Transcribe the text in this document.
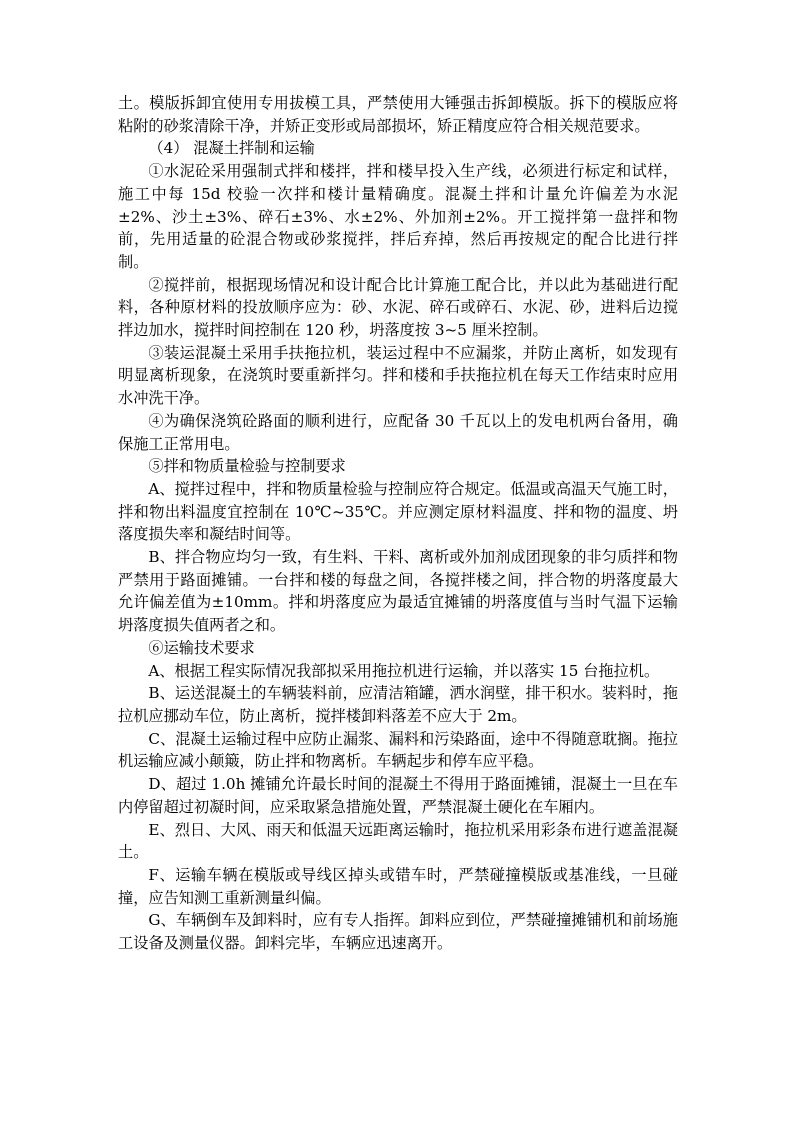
土。模版拆卸宜使用专用拔模工具，严禁使用大锤强击拆卸模版。拆下的模版应将粘附的砂浆清除干净，并矫正变形或局部损坏，矫正精度应符合相关规范要求。

（4） 混凝土拌制和运输

①水泥砼采用强制式拌和楼拌，拌和楼早投入生产线，必须进行标定和试样，施工中每 15d 校验一次拌和楼计量精确度。混凝土拌和计量允许偏差为水泥±2%、沙土±3%、碎石±3%、水±2%、外加剂±2%。开工搅拌第一盘拌和物前，先用适量的砼混合物或砂浆搅拌，拌后弃掉，然后再按规定的配合比进行拌制。

②搅拌前，根据现场情况和设计配合比计算施工配合比，并以此为基础进行配料，各种原材料的投放顺序应为：砂、水泥、碎石或碎石、水泥、砂，进料后边搅拌边加水，搅拌时间控制在 120 秒，坍落度按 3~5 厘米控制。

③装运混凝土采用手扶拖拉机，装运过程中不应漏浆，并防止离析，如发现有明显离析现象，在浇筑时要重新拌匀。拌和楼和手扶拖拉机在每天工作结束时应用水冲洗干净。

④为确保浇筑砼路面的顺利进行，应配备 30 千瓦以上的发电机两台备用，确保施工正常用电。

⑤拌和物质量检验与控制要求

A、搅拌过程中，拌和物质量检验与控制应符合规定。低温或高温天气施工时，拌和物出料温度宜控制在 10℃~35℃。并应测定原材料温度、拌和物的温度、坍落度损失率和凝结时间等。

B、拌合物应均匀一致，有生料、干料、离析或外加剂成团现象的非匀质拌和物严禁用于路面摊铺。一台拌和楼的每盘之间，各搅拌楼之间，拌合物的坍落度最大允许偏差值为±10mm。拌和坍落度应为最适宜摊铺的坍落度值与当时气温下运输坍落度损失值两者之和。

⑥运输技术要求

A、根据工程实际情况我部拟采用拖拉机进行运输，并以落实 15 台拖拉机。

B、运送混凝土的车辆装料前，应清洁箱罐，洒水润壁，排干积水。装料时，拖拉机应挪动车位，防止离析，搅拌楼卸料落差不应大于 2m。

C、混凝土运输过程中应防止漏浆、漏料和污染路面，途中不得随意耽搁。拖拉机运输应减小颠簸，防止拌和物离析。车辆起步和停车应平稳。

D、超过 1.0h 摊铺允许最长时间的混凝土不得用于路面摊铺，混凝土一旦在车内停留超过初凝时间，应采取紧急措施处置，严禁混凝土硬化在车厢内。

E、烈日、大风、雨天和低温天远距离运输时，拖拉机采用彩条布进行遮盖混凝土。

F、运输车辆在模版或导线区掉头或错车时，严禁碰撞模版或基准线，一旦碰撞，应告知测工重新测量纠偏。

G、车辆倒车及卸料时，应有专人指挥。卸料应到位，严禁碰撞摊铺机和前场施工设备及测量仪器。卸料完毕，车辆应迅速离开。
